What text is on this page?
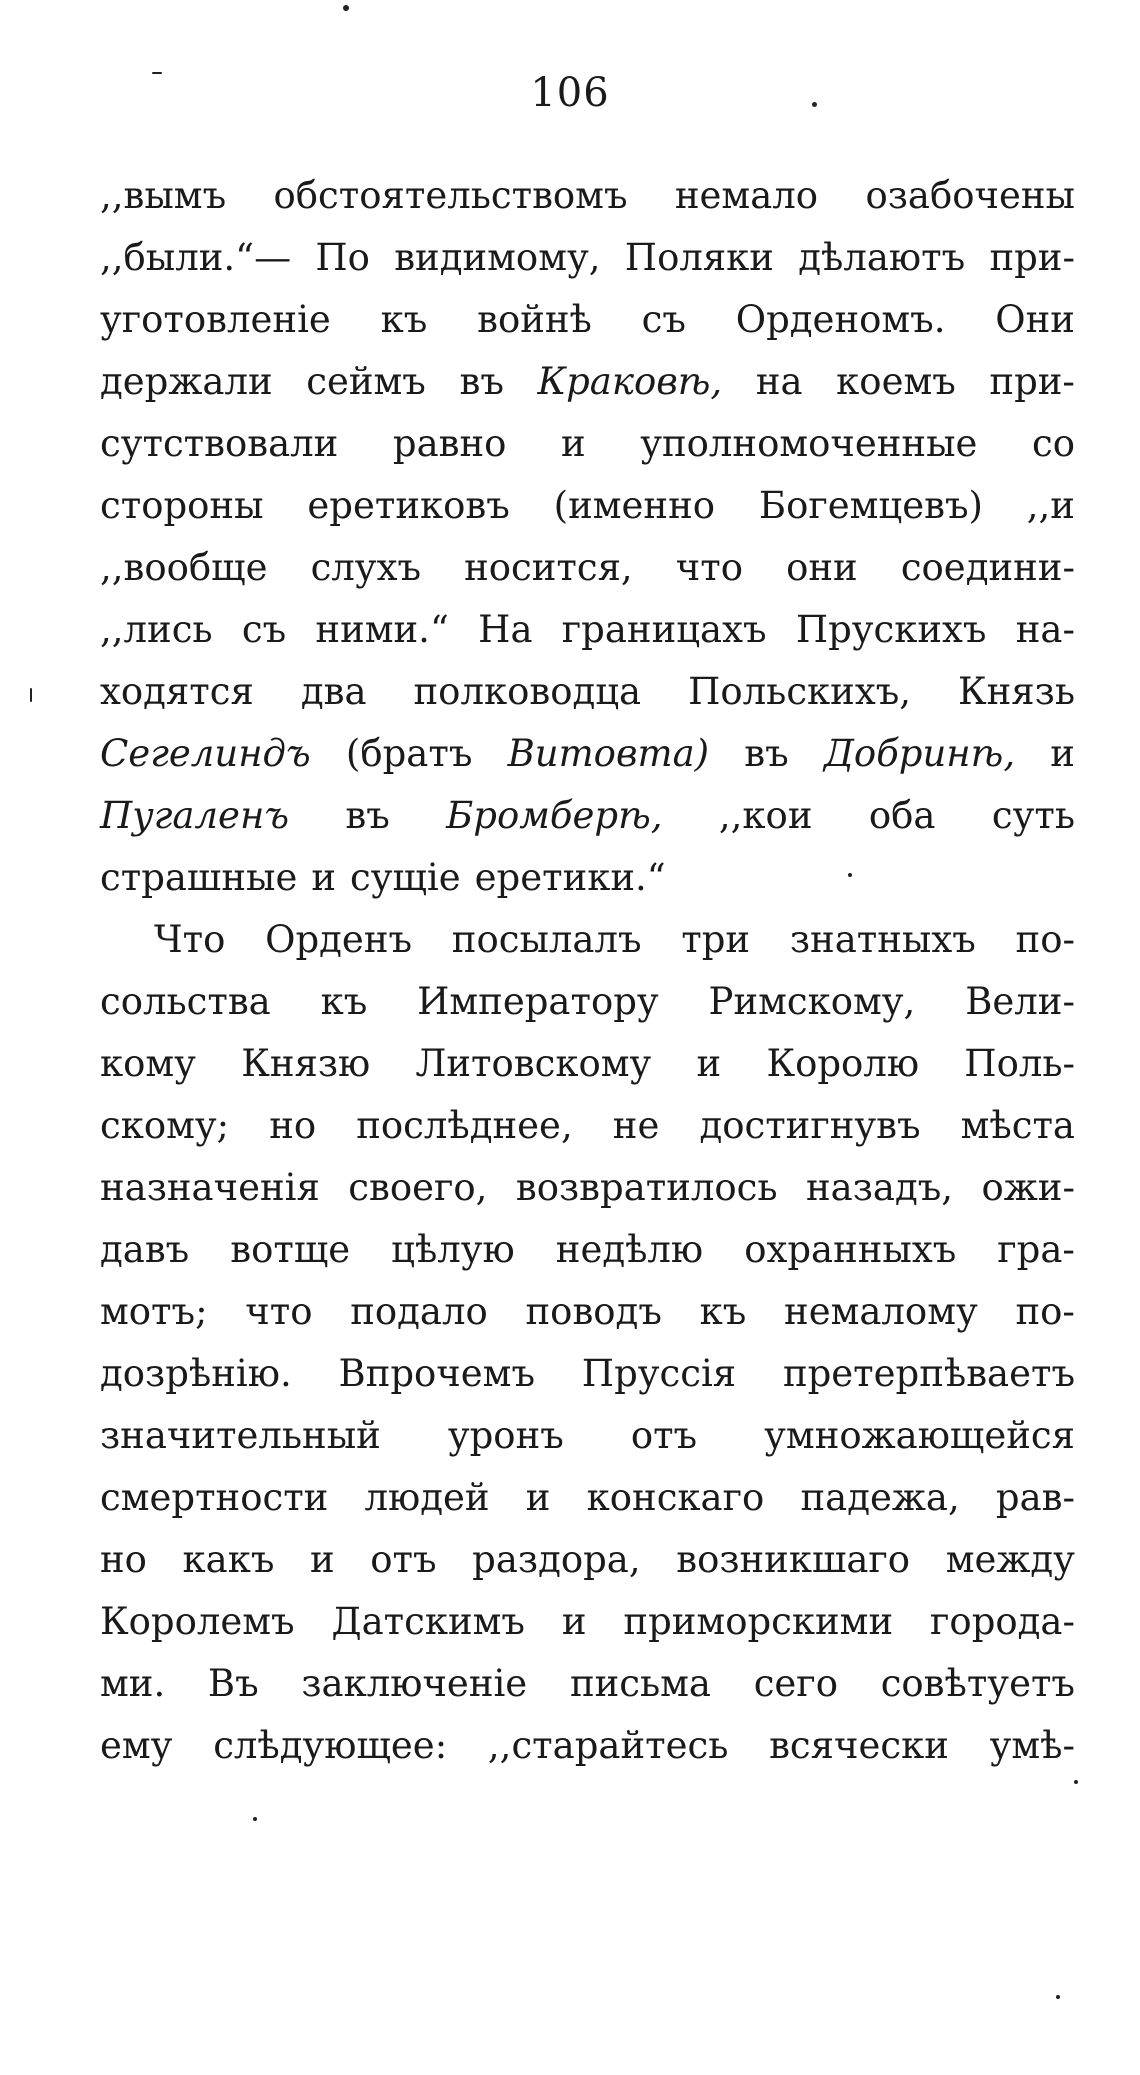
106
,,вымъ обстоятельствомъ немало озабочены
,,были.“— По видимому, Поляки дѣлаютъ при-
уготовленіе къ войнѣ съ Орденомъ. Они
держали сеймъ въ Краковѣ, на коемъ при-
сутствовали равно и уполномоченные со
стороны еретиковъ (именно Богемцевъ) ,,и
,,вообще слухъ носится, что они соедини-
,,лись съ ними.“ На границахъ Прускихъ на-
ходятся два полководца Польскихъ, Князь
Сегелиндъ (братъ Витовта) въ Добринѣ, и
Пугаленъ въ Бромберѣ, ,,кои оба суть
страшные и сущіе еретики.“
Что Орденъ посылалъ три знатныхъ по-
сольства къ Императору Римскому, Вели-
кому Князю Литовскому и Королю Поль-
скому; но послѣднее, не достигнувъ мѣста
назначенія своего, возвратилось назадъ, ожи-
давъ вотще цѣлую недѣлю охранныхъ гра-
мотъ; что подало поводъ къ немалому по-
дозрѣнію. Впрочемъ Пруссія претерпѣваетъ
значительный уронъ отъ умножающейся
смертности людей и конскаго падежа, рав-
но какъ и отъ раздора, возникшаго между
Королемъ Датскимъ и приморскими города-
ми. Въ заключеніе письма сего совѣтуетъ
ему слѣдующее: ,,старайтесь всячески умѣ-
